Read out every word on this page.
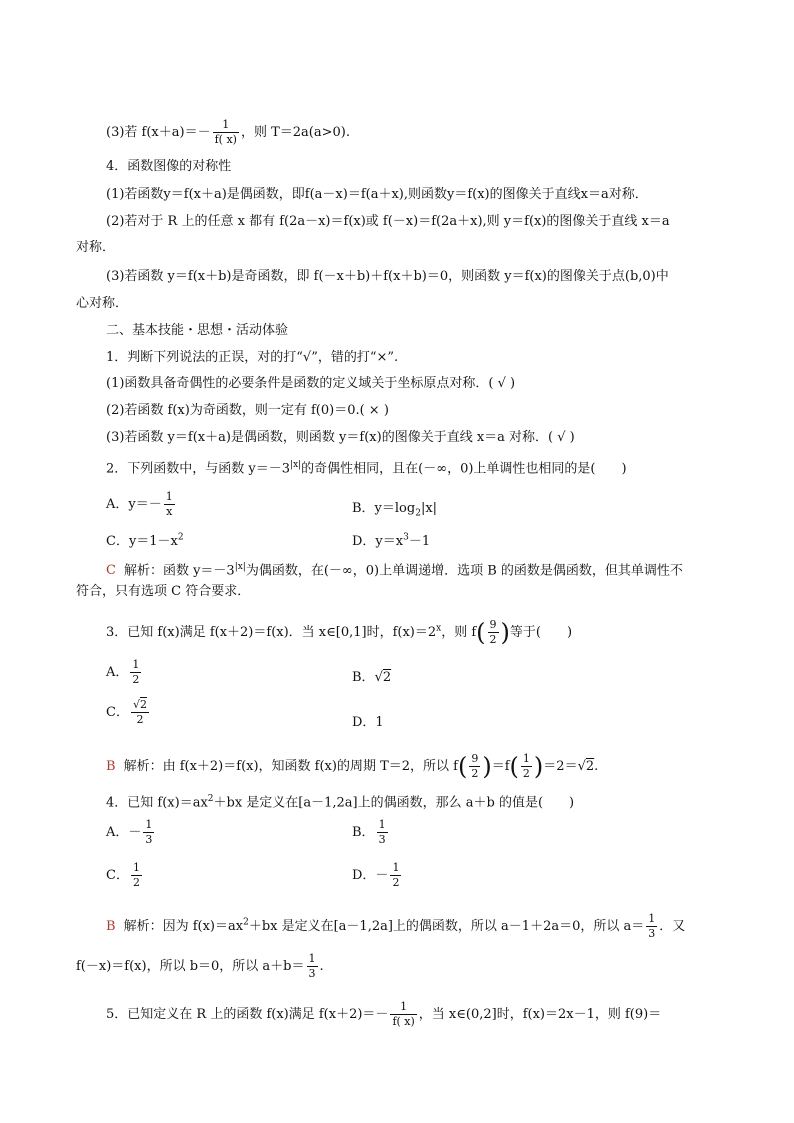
(3)若 $f(x+a)=- \frac{1}{f( x)}$ ，则 T＝2a(a>0).
4．函数图像的对称性
(1)若函数y＝f(x＋a)是偶函数，即f(a－x)＝f(a＋x),则函数y＝f(x)的图像关于直线x＝a对称．
(2)若对于 R 上的任意 x 都有 f(2a－x)＝f(x)或 f(－x)＝f(2a＋x),则 y＝f(x)的图像关于直线 x＝a
对称．
(3)若函数 y＝f(x＋b)是奇函数，即 f(－x＋b)＋f(x＋b)＝0，则函数 y＝f(x)的图像关于点(b,0)中
心对称．
二、基本技能・思想・活动体验
1．判断下列说法的正误，对的打“√”，错的打“×”.
(1)函数具备奇偶性的必要条件是函数的定义域关于坐标原点对称．( √ )
(2)若函数 f(x)为奇函数，则一定有 f(0)＝0.( × )
(3)若函数 y＝f(x＋a)是偶函数，则函数 y＝f(x)的图像关于直线 x＝a 对称．( √ )
2．下列函数中，与函数 $y=-3^{|x|}$的奇偶性相同，且在(－∞，0)上单调性也相同的是(　　)
A．$y=- \frac{1}{x}$	B．$y=\log_2|x|$
C．$y=1-x^2$	D．$y=x^3-1$
C 解析：函数 $y=-3^{|x|}$为偶函数，在(－∞，0)上单调递增．选项 B 的函数是偶函数，但其单调性不
符合，只有选项 C 符合要求．
3．已知 f(x)满足 f(x＋2)＝f(x)．当 x∈[0,1]时，$f(x)=2^x$，则 $f( \frac{9}{2}$ )等于(　　)
A． $\frac{1}{2}$	B．√2
C． $\frac{√2}{2}$	D．1
B 解析：由 f(x＋2)＝f(x)，知函数 f(x)的周期 T＝2，所以 $f( \frac{9}{2} )=f( \frac{1}{2} )=2=√2$.
4．已知 $f(x)=ax^2+bx$ 是定义在[a－1,2a]上的偶函数，那么 a＋b 的值是(　　)
A．－ $\frac{1}{3}$	B． $\frac{1}{3}$
C． $\frac{1}{2}$	D．－ $\frac{1}{2}$
B 解析：因为 $f(x)=ax^2+bx$ 是定义在[a－1,2a]上的偶函数，所以 a－1＋2a＝0，所以 $a= \frac{1}{3}$ ．又
f(－x)＝f(x)，所以 b＝0，所以 $a+b= \frac{1}{3}$ .
5．已知定义在 R 上的函数 f(x)满足 $f(x+2)=- \frac{1}{f( x)}$ ，当 x∈(0,2]时，f(x)＝2x－1，则 f(9)＝
